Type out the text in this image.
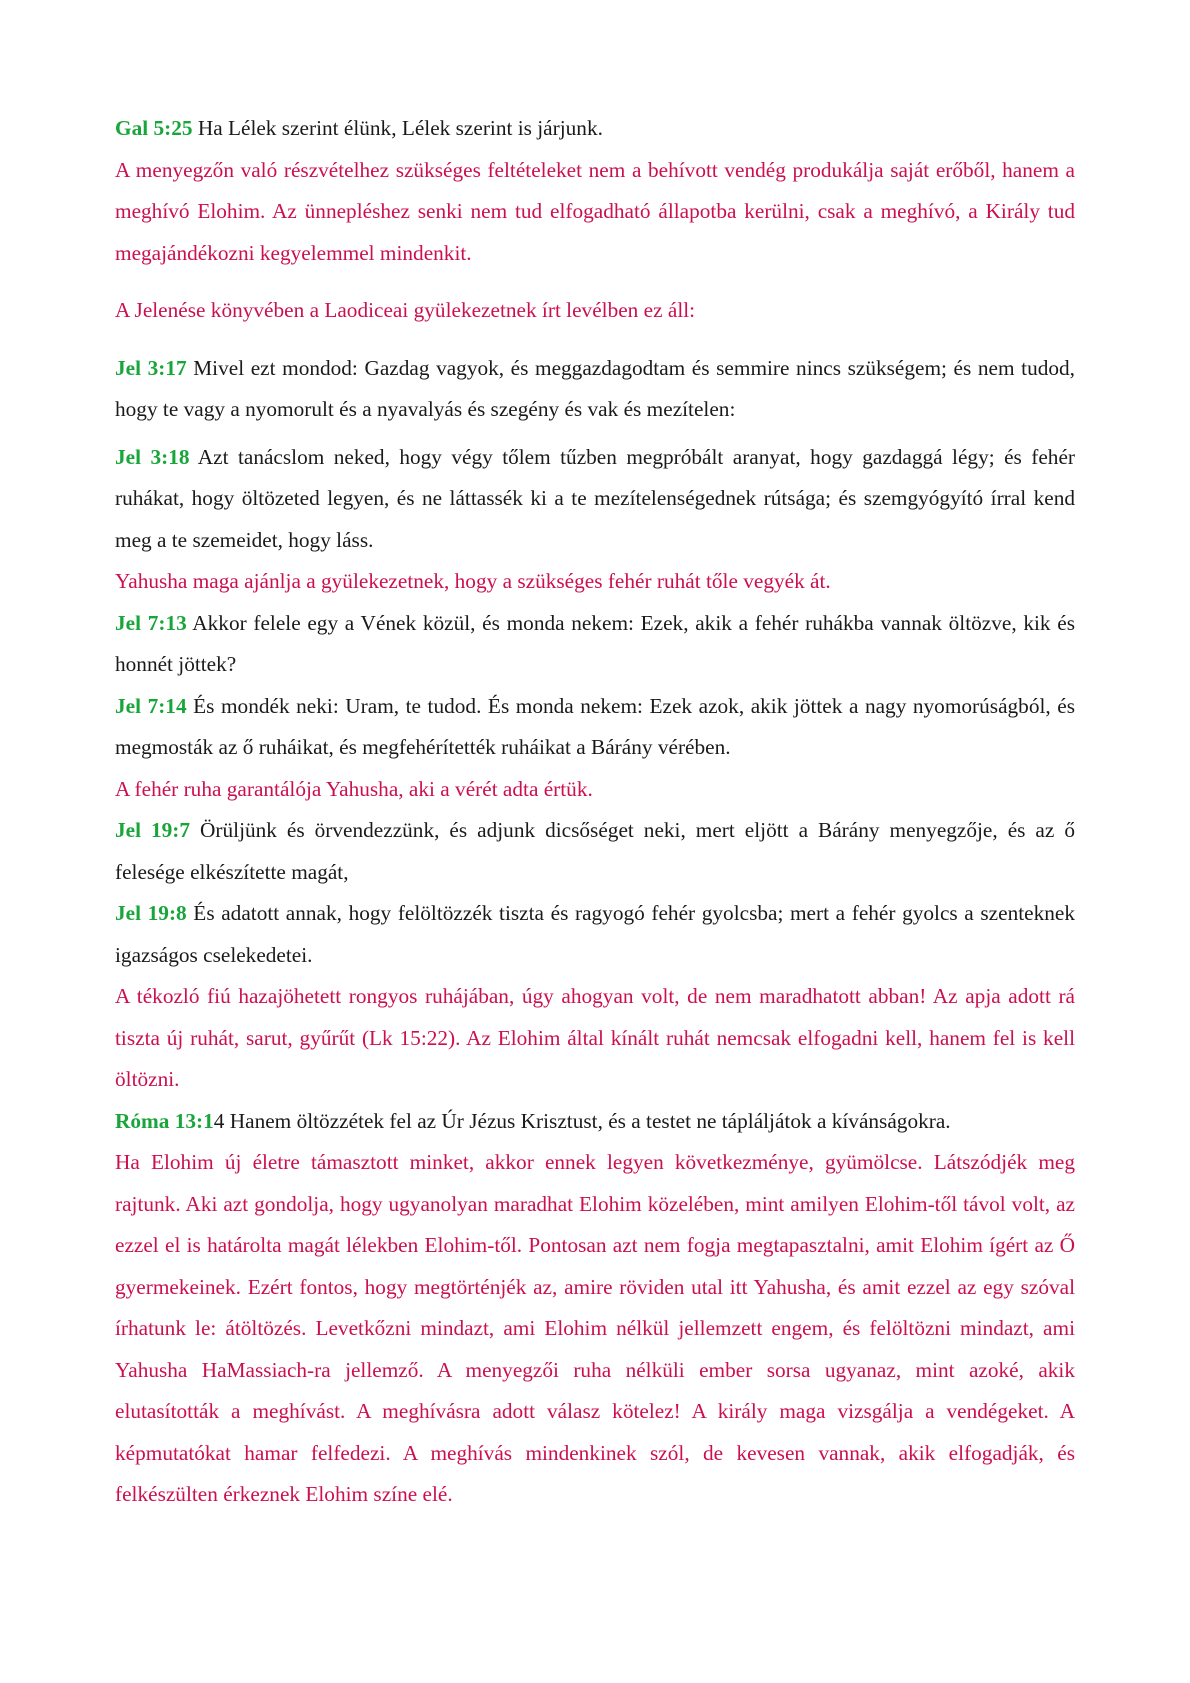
Gal 5:25 Ha Lélek szerint élünk, Lélek szerint is járjunk.

A menyegzőn való részvételhez szükséges feltételeket nem a behívott vendég produkálja saját erőből, hanem a meghívó Elohim. Az ünnepléshez senki nem tud elfogadható állapotba kerülni, csak a meghívó, a Király tud megajándékozni kegyelemmel mindenkit.

A Jelenése könyvében a Laodiceai gyülekezetnek írt levélben ez áll:

Jel 3:17 Mivel ezt mondod: Gazdag vagyok, és meggazdagodtam és semmire nincs szükségem; és nem tudod, hogy te vagy a nyomorult és a nyavalyás és szegény és vak és mezítelen:

Jel 3:18 Azt tanácslom neked, hogy végy tőlem tűzben megpróbált aranyat, hogy gazdaggá légy; és fehér ruhákat, hogy öltözeted legyen, és ne láttassék ki a te mezítelenségednek rútsága; és szemgyógyító írral kend meg a te szemeidet, hogy láss.

Yahusha maga ajánlja a gyülekezetnek, hogy a szükséges fehér ruhát tőle vegyék át.

Jel 7:13 Akkor felele egy a Vének közül, és monda nekem: Ezek, akik a fehér ruhákba vannak öltözve, kik és honnét jöttek?

Jel 7:14 És mondék neki: Uram, te tudod. És monda nekem: Ezek azok, akik jöttek a nagy nyomorúságból, és megmosták az ő ruháikat, és megfehérítették ruháikat a Bárány vérében.

A fehér ruha garantálója Yahusha, aki a vérét adta értük.

Jel 19:7 Örüljünk és örvendezzünk, és adjunk dicsőséget neki, mert eljött a Bárány menyegzője, és az ő felesége elkészítette magát,

Jel 19:8 És adatott annak, hogy felöltözzék tiszta és ragyogó fehér gyolcsba; mert a fehér gyolcs a szenteknek igazságos cselekedetei.

A tékozló fiú hazajöhetett rongyos ruhájában, úgy ahogyan volt, de nem maradhatott abban! Az apja adott rá tiszta új ruhát, sarut, gyűrűt (Lk 15:22). Az Elohim által kínált ruhát nemcsak elfogadni kell, hanem fel is kell öltözni.

Róma 13:14 Hanem öltözzétek fel az Úr Jézus Krisztust, és a testet ne tápláljátok a kívánságokra.

Ha Elohim új életre támasztott minket, akkor ennek legyen következménye, gyümölcse. Látszódjék meg rajtunk. Aki azt gondolja, hogy ugyanolyan maradhat Elohim közelében, mint amilyen Elohim-től távol volt, az ezzel el is határolta magát lélekben Elohim-től. Pontosan azt nem fogja megtapasztalni, amit Elohim ígért az Ő gyermekeinek. Ezért fontos, hogy megtörténjék az, amire röviden utal itt Yahusha, és amit ezzel az egy szóval írhatunk le: átöltözés. Levetkőzni mindazt, ami Elohim nélkül jellemzett engem, és felöltözni mindazt, ami Yahusha HaMassiach-ra jellemző. A menyegzői ruha nélküli ember sorsa ugyanaz, mint azoké, akik elutasították a meghívást. A meghívásra adott válasz kötelez! A király maga vizsgálja a vendégeket. A képmutatókat hamar felfedezi. A meghívás mindenkinek szól, de kevesen vannak, akik elfogadják, és felkészülten érkeznek Elohim színe elé.
